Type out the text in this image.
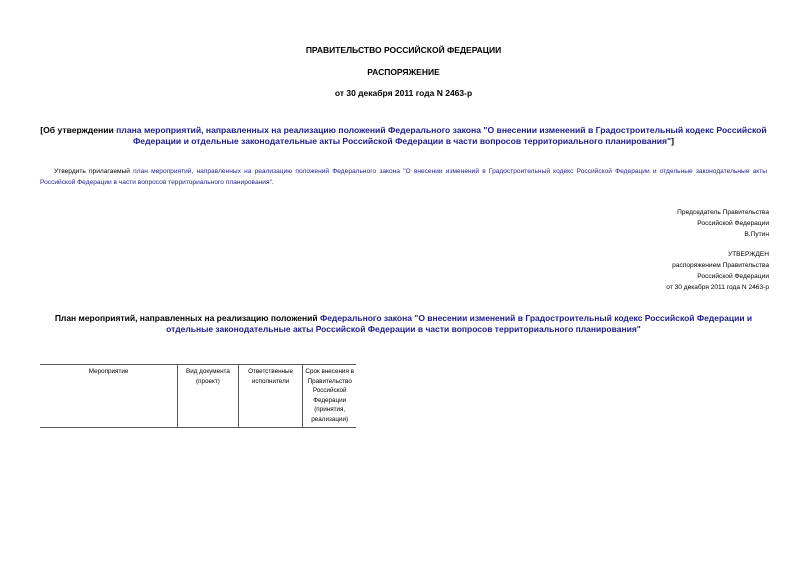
ПРАВИТЕЛЬСТВО РОССИЙСКОЙ ФЕДЕРАЦИИ
РАСПОРЯЖЕНИЕ
от 30 декабря 2011 года N 2463-р
[Об утверждении плана мероприятий, направленных на реализацию положений Федерального закона "О внесении изменений в Градостроительный кодекс Российской Федерации и отдельные законодательные акты Российской Федерации в части вопросов территориального планирования"]
Утвердить прилагаемый план мероприятий, направленных на реализацию положений Федерального закона "О внесении изменений в Градостроительный кодекс Российской Федерации и отдельные законодательные акты Российской Федерации в части вопросов территориального планирования".
Председатель Правительства
Российской Федерации
В.Путин
УТВЕРЖДЕН
распоряжением Правительства
Российской Федерации
от 30 декабря 2011 года N 2463-р
План мероприятий, направленных на реализацию положений Федерального закона "О внесении изменений в Градостроительный кодекс Российской Федерации и отдельные законодательные акты Российской Федерации в части вопросов территориального планирования"
Мероприятие	Вид документа (проект)	Ответственные исполнители	Срок внесения в Правительство Российской Федерации (принятия, реализации)
